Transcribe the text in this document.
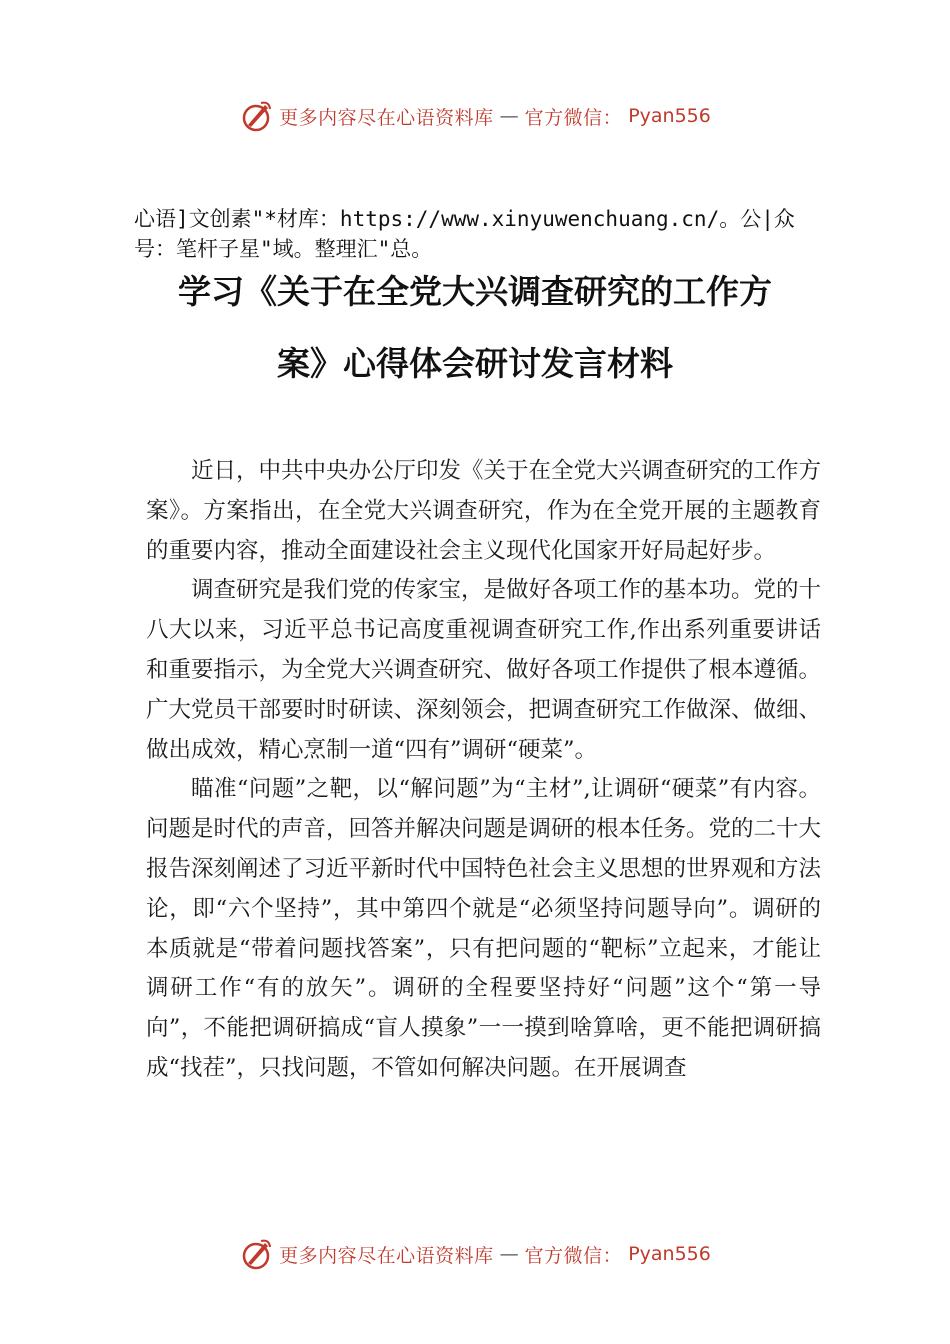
更多内容尽在心语资料库 — 官方微信： Pyan556
心语]文创素"*材库：https://www.xinyuwenchuang.cn/。公|众号：笔杆子星"域。整理汇"总。
学习《关于在全党大兴调查研究的工作方
案》心得体会研讨发言材料

近日，中共中央办公厅印发《关于在全党大兴调查研究的工作方案》。方案指出，在全党大兴调查研究，作为在全党开展的主题教育的重要内容，推动全面建设社会主义现代化国家开好局起好步。

调查研究是我们党的传家宝，是做好各项工作的基本功。党的十八大以来，习近平总书记高度重视调查研究工作,作出系列重要讲话和重要指示，为全党大兴调查研究、做好各项工作提供了根本遵循。广大党员干部要时时研读、深刻领会，把调查研究工作做深、做细、做出成效，精心烹制一道“四有”调研“硬菜”。

瞄准“问题”之靶，以“解问题”为“主材”,让调研“硬菜”有内容。问题是时代的声音，回答并解决问题是调研的根本任务。党的二十大报告深刻阐述了习近平新时代中国特色社会主义思想的世界观和方法论，即“六个坚持”，其中第四个就是“必须坚持问题导向”。调研的本质就是“带着问题找答案”，只有把问题的“靶标”立起来，才能让调研工作“有的放矢”。调研的全程要坚持好“问题”这个“第一导向”，不能把调研搞成“盲人摸象”一一摸到啥算啥，更不能把调研搞成“找茬”，只找问题，不管如何解决问题。在开展调查

更多内容尽在心语资料库 — 官方微信： Pyan556
